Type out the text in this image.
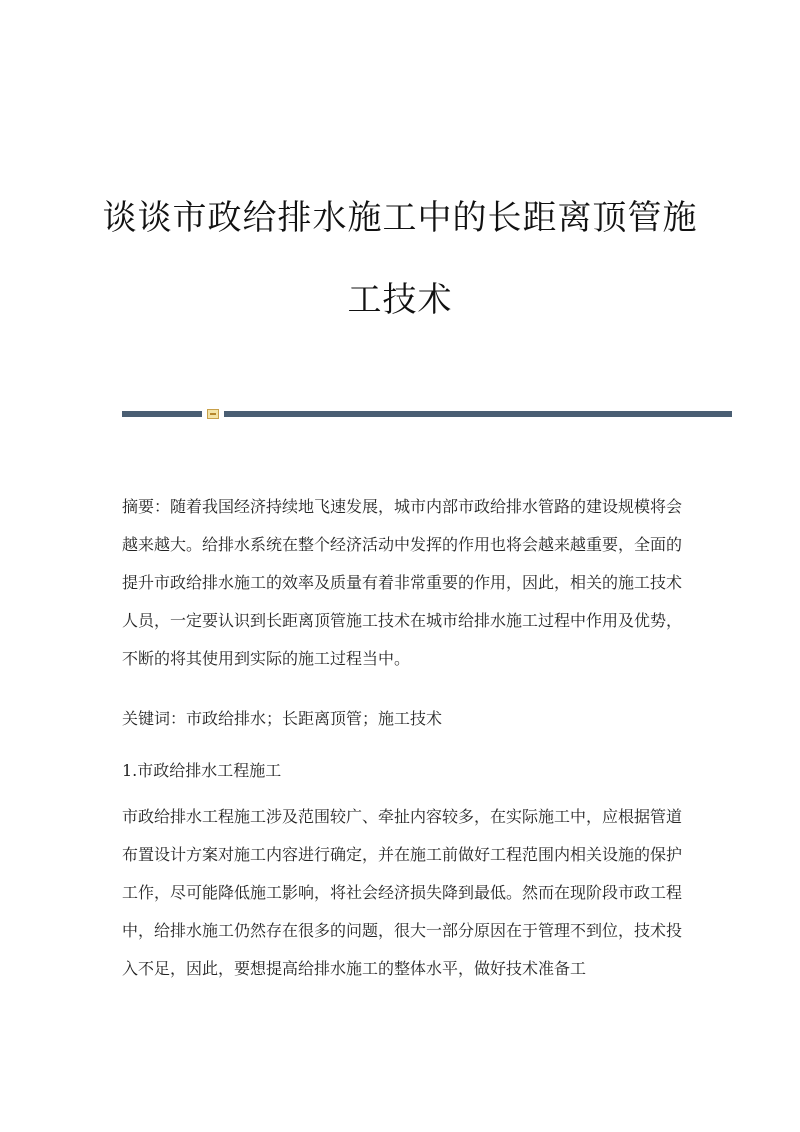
谈谈市政给排水施工中的长距离顶管施
工技术

摘要：随着我国经济持续地飞速发展，城市内部市政给排水管路的建设规模将会越来越大。给排水系统在整个经济活动中发挥的作用也将会越来越重要，全面的提升市政给排水施工的效率及质量有着非常重要的作用，因此，相关的施工技术人员，一定要认识到长距离顶管施工技术在城市给排水施工过程中作用及优势，不断的将其使用到实际的施工过程当中。

关键词：市政给排水；长距离顶管；施工技术

1.市政给排水工程施工

市政给排水工程施工涉及范围较广、牵扯内容较多，在实际施工中，应根据管道布置设计方案对施工内容进行确定，并在施工前做好工程范围内相关设施的保护工作，尽可能降低施工影响，将社会经济损失降到最低。然而在现阶段市政工程中，给排水施工仍然存在很多的问题，很大一部分原因在于管理不到位，技术投入不足，因此，要想提高给排水施工的整体水平，做好技术准备工
